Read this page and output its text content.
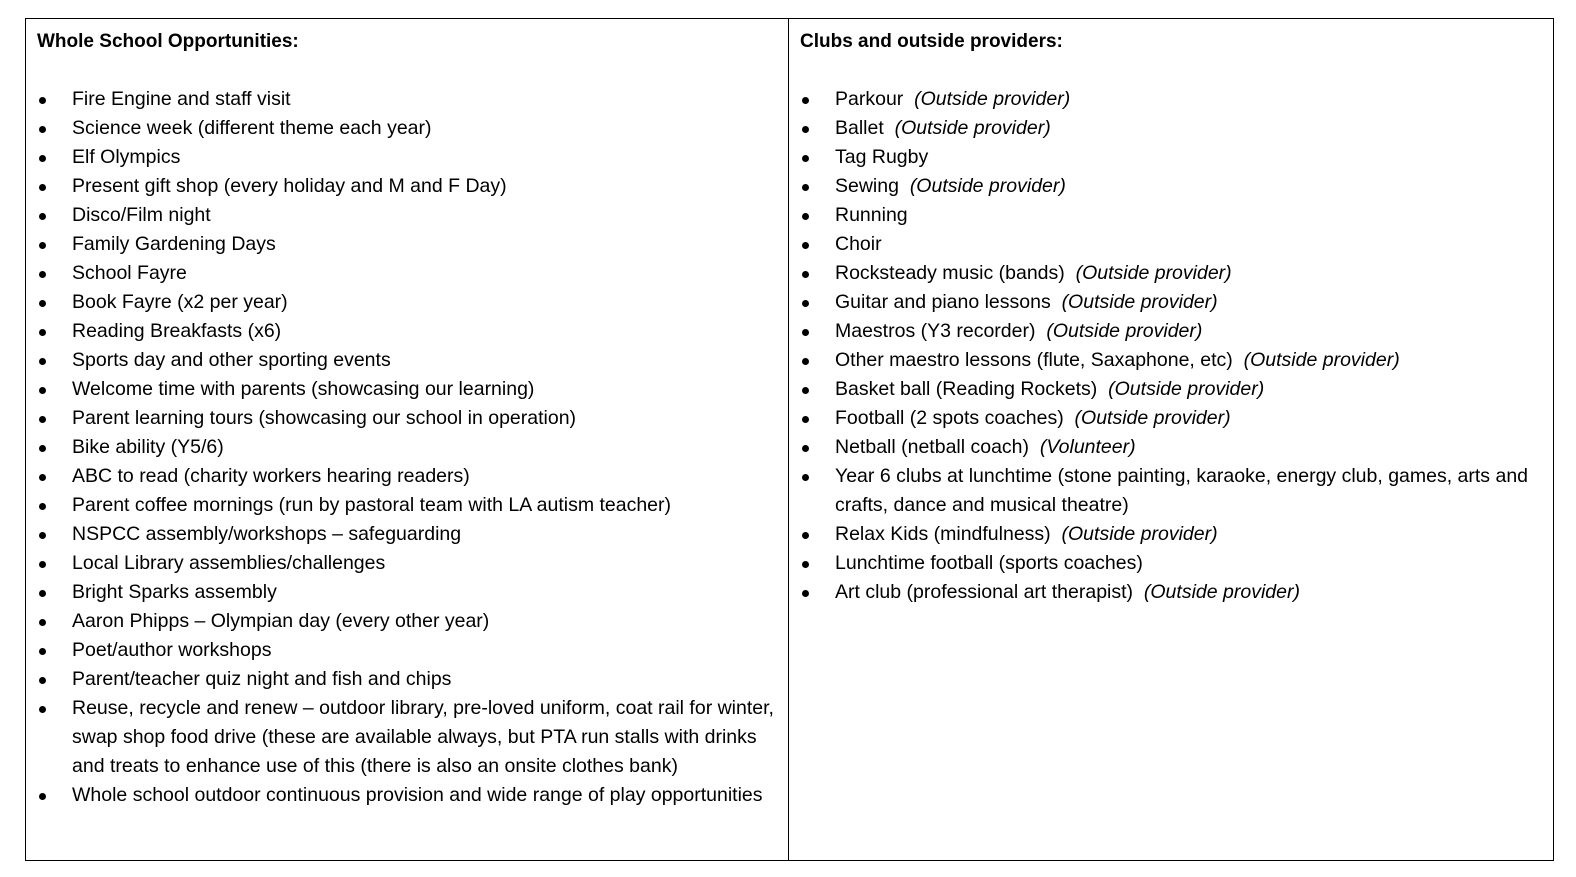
Whole School Opportunities:
Fire Engine and staff visit
Science week (different theme each year)
Elf Olympics
Present gift shop (every holiday and M and F Day)
Disco/Film night
Family Gardening Days
School Fayre
Book Fayre (x2 per year)
Reading Breakfasts (x6)
Sports day and other sporting events
Welcome time with parents (showcasing our learning)
Parent learning tours (showcasing our school in operation)
Bike ability (Y5/6)
ABC to read (charity workers hearing readers)
Parent coffee mornings (run by pastoral team with LA autism teacher)
NSPCC assembly/workshops – safeguarding
Local Library assemblies/challenges
Bright Sparks assembly
Aaron Phipps – Olympian day (every other year)
Poet/author workshops
Parent/teacher quiz night and fish and chips
Reuse, recycle and renew – outdoor library, pre-loved uniform, coat rail for winter, swap shop food drive (these are available always, but PTA run stalls with drinks and treats to enhance use of this (there is also an onsite clothes bank)
Whole school outdoor continuous provision and wide range of play opportunities
Clubs and outside providers:
Parkour (Outside provider)
Ballet (Outside provider)
Tag Rugby
Sewing (Outside provider)
Running
Choir
Rocksteady music (bands) (Outside provider)
Guitar and piano lessons (Outside provider)
Maestros (Y3 recorder) (Outside provider)
Other maestro lessons (flute, Saxaphone, etc) (Outside provider)
Basket ball (Reading Rockets) (Outside provider)
Football (2 spots coaches) (Outside provider)
Netball (netball coach) (Volunteer)
Year 6 clubs at lunchtime (stone painting, karaoke, energy club, games, arts and crafts, dance and musical theatre)
Relax Kids (mindfulness) (Outside provider)
Lunchtime football (sports coaches)
Art club (professional art therapist) (Outside provider)
